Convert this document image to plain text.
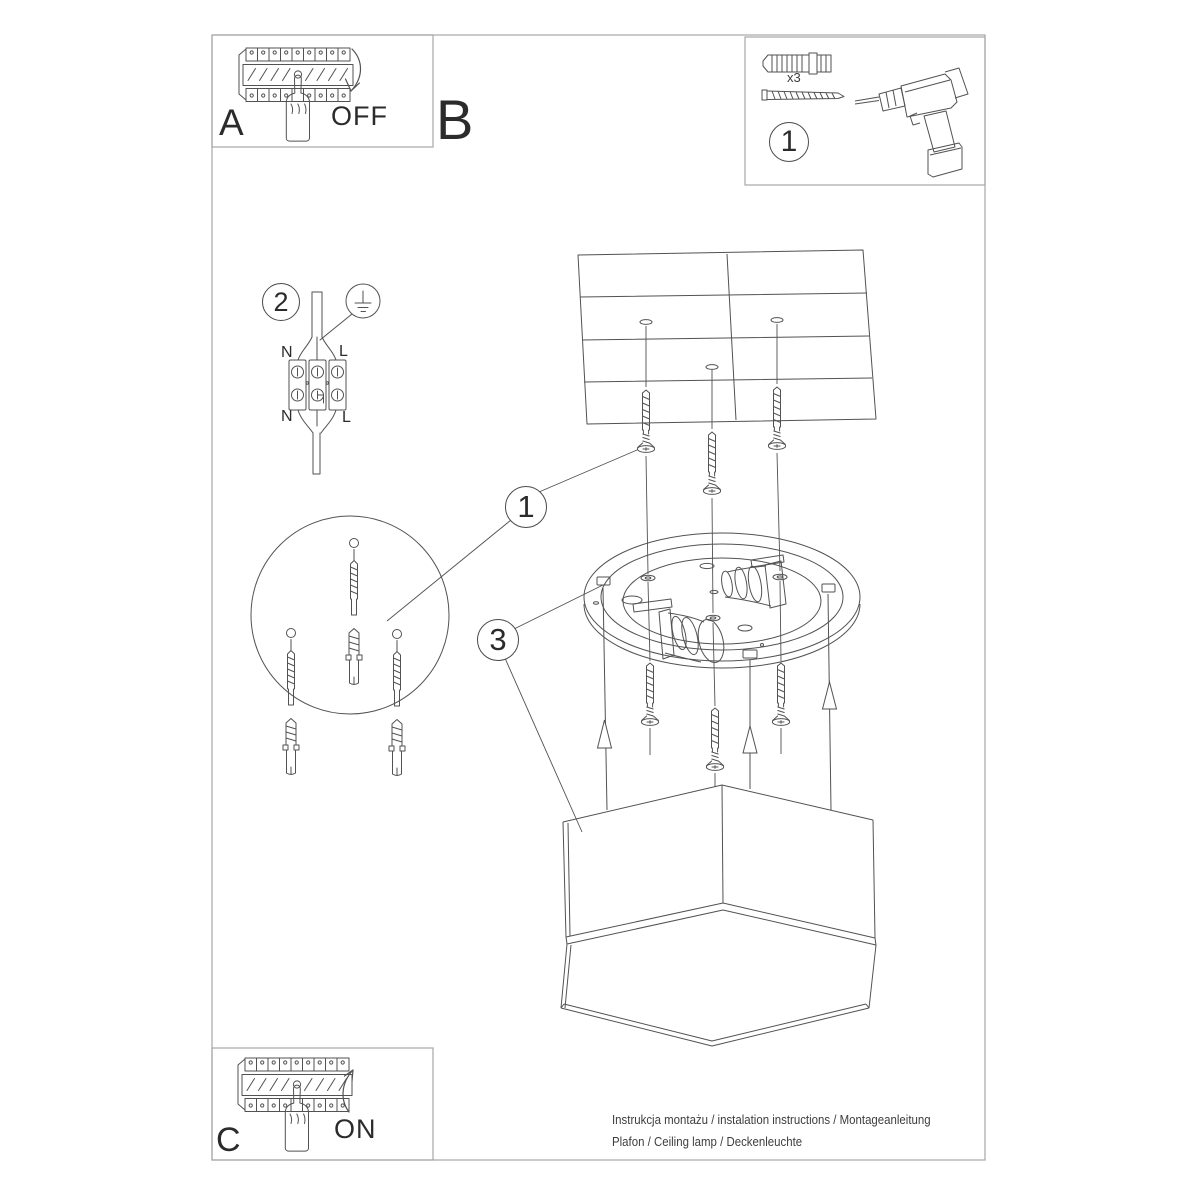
A	OFF B
C	ON
x3
1
2
1
3
N	L
N	L
Instrukcja montażu / instalation instructions / Montageanleitung
Plafon / Ceiling lamp / Deckenleuchte
